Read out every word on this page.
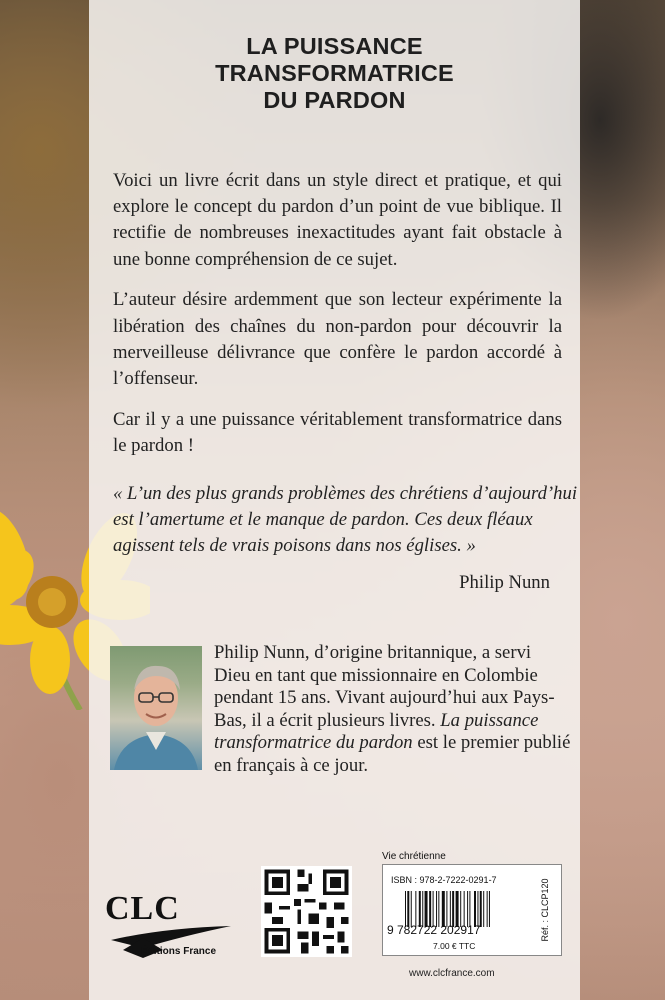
LA PUISSANCE
TRANSFORMATRICE
DU PARDON

Voici un livre écrit dans un style direct et pratique, et qui explore le concept du pardon d’un point de vue biblique. Il rectifie de nombreuses inexactitudes ayant fait obstacle à une bonne compréhension de ce sujet.

L’auteur désire ardemment que son lecteur expérimente la libération des chaînes du non-pardon pour découvrir la merveilleuse délivrance que confère le pardon accordé à l’offenseur.

Car il y a une puissance véritablement transformatrice dans le pardon !

« L’un des plus grands problèmes des chrétiens d’aujourd’hui
est l’amertume et le manque de pardon. Ces deux fléaux
agissent tels de vrais poisons dans nos églises. »
Philip Nunn
Philip Nunn, d’origine britannique, a servi
Dieu en tant que missionnaire en Colombie
pendant 15 ans. Vivant aujourd’hui aux Pays-
Bas, il a écrit plusieurs livres. La puissance
transformatrice du pardon est le premier publié
en français à ce jour.
CLC
Éditions France
Vie chrétienne
ISBN : 978-2-7222-0291-7
9 782722 202917
7.00 € TTC
Réf. : CLCP120
www.clcfrance.com
